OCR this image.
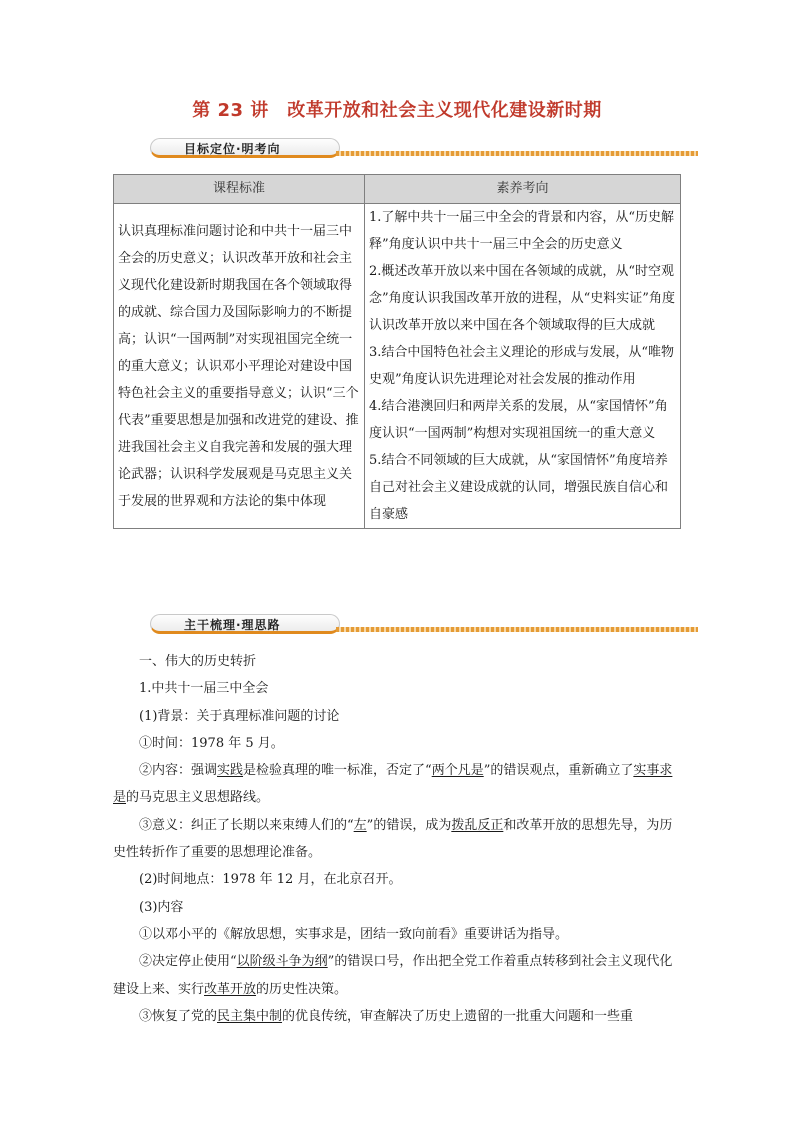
第 23 讲　改革开放和社会主义现代化建设新时期
目标定位·明考向
课程标准	素养考向
认识真理标准问题讨论和中共十一届三中全会的历史意义；认识改革开放和社会主义现代化建设新时期我国在各个领域取得的成就、综合国力及国际影响力的不断提高；认识“一国两制”对实现祖国完全统一的重大意义；认识邓小平理论对建设中国特色社会主义的重要指导意义；认识“三个代表”重要思想是加强和改进党的建设、推进我国社会主义自我完善和发展的强大理论武器；认识科学发展观是马克思主义关于发展的世界观和方法论的集中体现	1.了解中共十一届三中全会的背景和内容，从“历史解释”角度认识中共十一届三中全会的历史意义
2.概述改革开放以来中国在各领域的成就，从“时空观念”角度认识我国改革开放的进程，从“史料实证”角度认识改革开放以来中国在各个领域取得的巨大成就
3.结合中国特色社会主义理论的形成与发展，从“唯物史观”角度认识先进理论对社会发展的推动作用
4.结合港澳回归和两岸关系的发展，从“家国情怀”角度认识“一国两制”构想对实现祖国统一的重大意义
5.结合不同领域的巨大成就，从“家国情怀”角度培养自己对社会主义建设成就的认同，增强民族自信心和自豪感
主干梳理·理思路

一、伟大的历史转折

1.中共十一届三中全会

(1)背景：关于真理标准问题的讨论

①时间：1978 年 5 月。

②内容：强调实践是检验真理的唯一标准，否定了“两个凡是”的错误观点，重新确立了实事求是的马克思主义思想路线。

③意义：纠正了长期以来束缚人们的“左”的错误，成为拨乱反正和改革开放的思想先导，为历史性转折作了重要的思想理论准备。

(2)时间地点：1978 年 12 月，在北京召开。

(3)内容

①以邓小平的《解放思想，实事求是，团结一致向前看》重要讲话为指导。

②决定停止使用“以阶级斗争为纲”的错误口号，作出把全党工作着重点转移到社会主义现代化建设上来、实行改革开放的历史性决策。

③恢复了党的民主集中制的优良传统，审查解决了历史上遗留的一批重大问题和一些重
